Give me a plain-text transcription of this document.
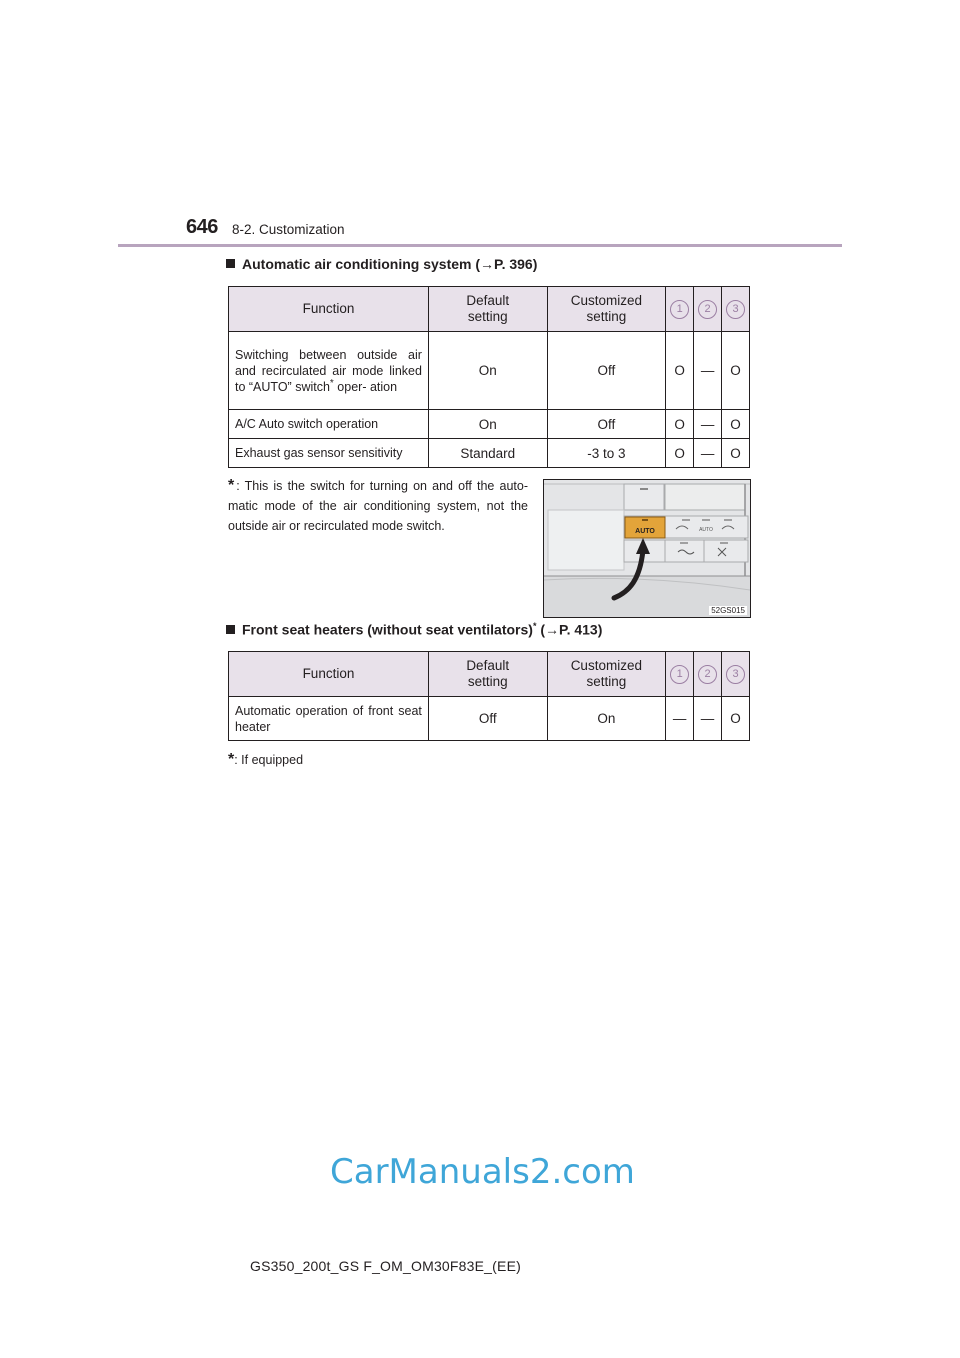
646 8-2. Customization
Automatic air conditioning system (→P. 396)
Function	Default setting	Customized setting	1	2	3
Switching between outside air and recirculated air mode linked to “AUTO” switch* oper- ation	On	Off	O	—	O
A/C Auto switch operation	On	Off	O	—	O
Exhaust gas sensor sensitivity	Standard	-3 to 3	O	—	O
* : This is the switch for turning on and off the auto- matic mode of the air conditioning system, not the outside air or recirculated mode switch.	AUTO	AUTO
52GS015
Front seat heaters (without seat ventilators)* (→P. 413)
Function	Default setting	Customized setting	1	2	3
Automatic operation of front seat heater	Off	On	—	—	O
*: If equipped
CarManuals2.com
GS350_200t_GS F_OM_OM30F83E_(EE)
